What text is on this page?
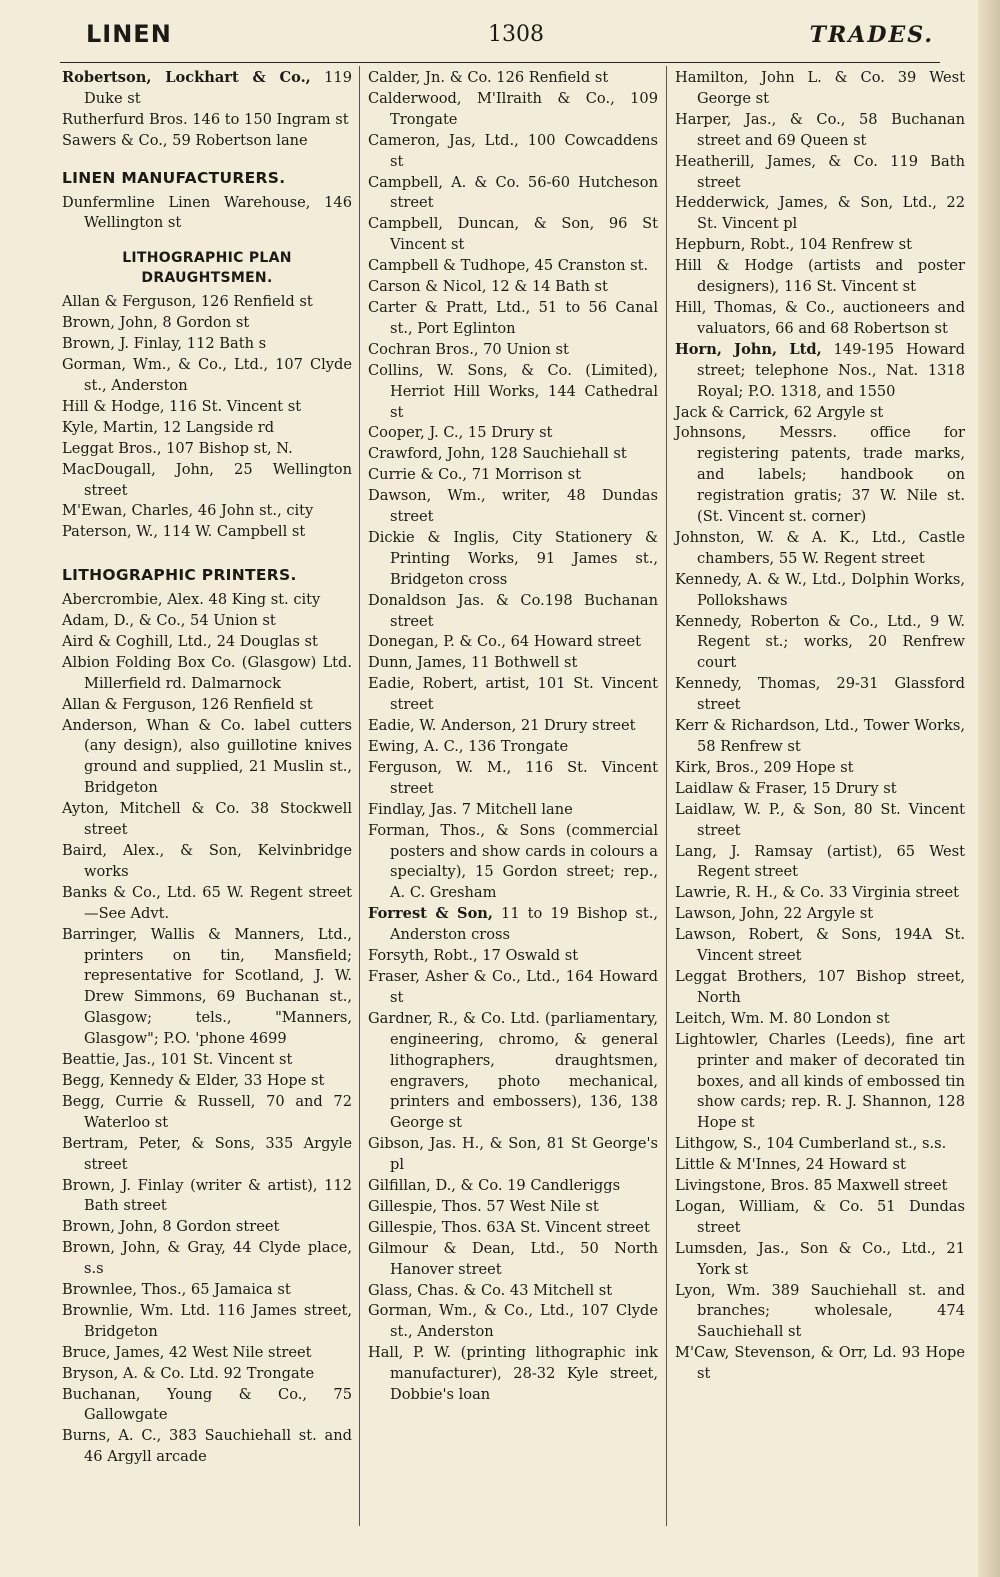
LINEN	1308	TRADES.

Robertson, Lockhart & Co., 119 Duke st

Rutherfurd Bros. 146 to 150 Ingram st

Sawers & Co., 59 Robertson lane

LINEN MANUFACTURERS.

Dunfermline Linen Warehouse, 146 Wellington st

LITHOGRAPHIC PLAN
DRAUGHTSMEN.

Allan & Ferguson, 126 Renfield st

Brown, John, 8 Gordon st

Brown, J. Finlay, 112 Bath s

Gorman, Wm., & Co., Ltd., 107 Clyde st., Anderston

Hill & Hodge, 116 St. Vincent st

Kyle, Martin, 12 Langside rd

Leggat Bros., 107 Bishop st, N.

MacDougall, John, 25 Wellington street

M'Ewan, Charles, 46 John st., city

Paterson, W., 114 W. Campbell st

LITHOGRAPHIC PRINTERS.

Abercrombie, Alex. 48 King st. city

Adam, D., & Co., 54 Union st

Aird & Coghill, Ltd., 24 Douglas st

Albion Folding Box Co. (Glasgow) Ltd. Millerfield rd. Dalmarnock

Allan & Ferguson, 126 Renfield st

Anderson, Whan & Co. label cutters (any design), also guillotine knives ground and supplied, 21 Muslin st., Bridgeton

Ayton, Mitchell & Co. 38 Stockwell street

Baird, Alex., & Son, Kelvinbridge works

Banks & Co., Ltd. 65 W. Regent street—See Advt.

Barringer, Wallis & Manners, Ltd., printers on tin, Mansfield; representative for Scotland, J. W. Drew Simmons, 69 Buchanan st., Glasgow; tels., "Manners, Glasgow"; P.O. 'phone 4699

Beattie, Jas., 101 St. Vincent st

Begg, Kennedy & Elder, 33 Hope st

Begg, Currie & Russell, 70 and 72 Waterloo st

Bertram, Peter, & Sons, 335 Argyle street

Brown, J. Finlay (writer & artist), 112 Bath street

Brown, John, 8 Gordon street

Brown, John, & Gray, 44 Clyde place, s.s

Brownlee, Thos., 65 Jamaica st

Brownlie, Wm. Ltd. 116 James street, Bridgeton

Bruce, James, 42 West Nile street

Bryson, A. & Co. Ltd. 92 Trongate

Buchanan, Young & Co., 75 Gallowgate

Burns, A. C., 383 Sauchiehall st. and 46 Argyll arcade

Calder, Jn. & Co. 126 Renfield st

Calderwood, M'Ilraith & Co., 109 Trongate

Cameron, Jas, Ltd., 100 Cowcaddens st

Campbell, A. & Co. 56-60 Hutcheson street

Campbell, Duncan, & Son, 96 St Vincent st

Campbell & Tudhope, 45 Cranston st.

Carson & Nicol, 12 & 14 Bath st

Carter & Pratt, Ltd., 51 to 56 Canal st., Port Eglinton

Cochran Bros., 70 Union st

Collins, W. Sons, & Co. (Limited), Herriot Hill Works, 144 Cathedral st

Cooper, J. C., 15 Drury st

Crawford, John, 128 Sauchiehall st

Currie & Co., 71 Morrison st

Dawson, Wm., writer, 48 Dundas street

Dickie & Inglis, City Stationery & Printing Works, 91 James st., Bridgeton cross

Donaldson Jas. & Co.198 Buchanan street

Donegan, P. & Co., 64 Howard street

Dunn, James, 11 Bothwell st

Eadie, Robert, artist, 101 St. Vincent street

Eadie, W. Anderson, 21 Drury street

Ewing, A. C., 136 Trongate

Ferguson, W. M., 116 St. Vincent street

Findlay, Jas. 7 Mitchell lane

Forman, Thos., & Sons (commercial posters and show cards in colours a specialty), 15 Gordon street; rep., A. C. Gresham

Forrest & Son, 11 to 19 Bishop st., Anderston cross

Forsyth, Robt., 17 Oswald st

Fraser, Asher & Co., Ltd., 164 Howard st

Gardner, R., & Co. Ltd. (parliamentary, engineering, chromo, & general lithographers, draughtsmen, engravers, photo mechanical, printers and embossers), 136, 138 George st

Gibson, Jas. H., & Son, 81 St George's pl

Gilfillan, D., & Co. 19 Candleriggs

Gillespie, Thos. 57 West Nile st

Gillespie, Thos. 63A St. Vincent street

Gilmour & Dean, Ltd., 50 North Hanover street

Glass, Chas. & Co. 43 Mitchell st

Gorman, Wm., & Co., Ltd., 107 Clyde st., Anderston

Hall, P. W. (printing lithographic ink manufacturer), 28-32 Kyle street, Dobbie's loan

Hamilton, John L. & Co. 39 West George st

Harper, Jas., & Co., 58 Buchanan street and 69 Queen st

Heatherill, James, & Co. 119 Bath street

Hedderwick, James, & Son, Ltd., 22 St. Vincent pl

Hepburn, Robt., 104 Renfrew st

Hill & Hodge (artists and poster designers), 116 St. Vincent st

Hill, Thomas, & Co., auctioneers and valuators, 66 and 68 Robertson st

Horn, John, Ltd, 149-195 Howard street; telephone Nos., Nat. 1318 Royal; P.O. 1318, and 1550

Jack & Carrick, 62 Argyle st

Johnsons, Messrs. office for registering patents, trade marks, and labels; handbook on registration gratis; 37 W. Nile st. (St. Vincent st. corner)

Johnston, W. & A. K., Ltd., Castle chambers, 55 W. Regent street

Kennedy, A. & W., Ltd., Dolphin Works, Pollokshaws

Kennedy, Roberton & Co., Ltd., 9 W. Regent st.; works, 20 Renfrew court

Kennedy, Thomas, 29-31 Glassford street

Kerr & Richardson, Ltd., Tower Works, 58 Renfrew st

Kirk, Bros., 209 Hope st

Laidlaw & Fraser, 15 Drury st

Laidlaw, W. P., & Son, 80 St. Vincent street

Lang, J. Ramsay (artist), 65 West Regent street

Lawrie, R. H., & Co. 33 Virginia street

Lawson, John, 22 Argyle st

Lawson, Robert, & Sons, 194A St. Vincent street

Leggat Brothers, 107 Bishop street, North

Leitch, Wm. M. 80 London st

Lightowler, Charles (Leeds), fine art printer and maker of decorated tin boxes, and all kinds of embossed tin show cards; rep. R. J. Shannon, 128 Hope st

Lithgow, S., 104 Cumberland st., s.s.

Little & M'Innes, 24 Howard st

Livingstone, Bros. 85 Maxwell street

Logan, William, & Co. 51 Dundas street

Lumsden, Jas., Son & Co., Ltd., 21 York st

Lyon, Wm. 389 Sauchiehall st. and branches; wholesale, 474 Sauchiehall st

M'Caw, Stevenson, & Orr, Ld. 93 Hope st
